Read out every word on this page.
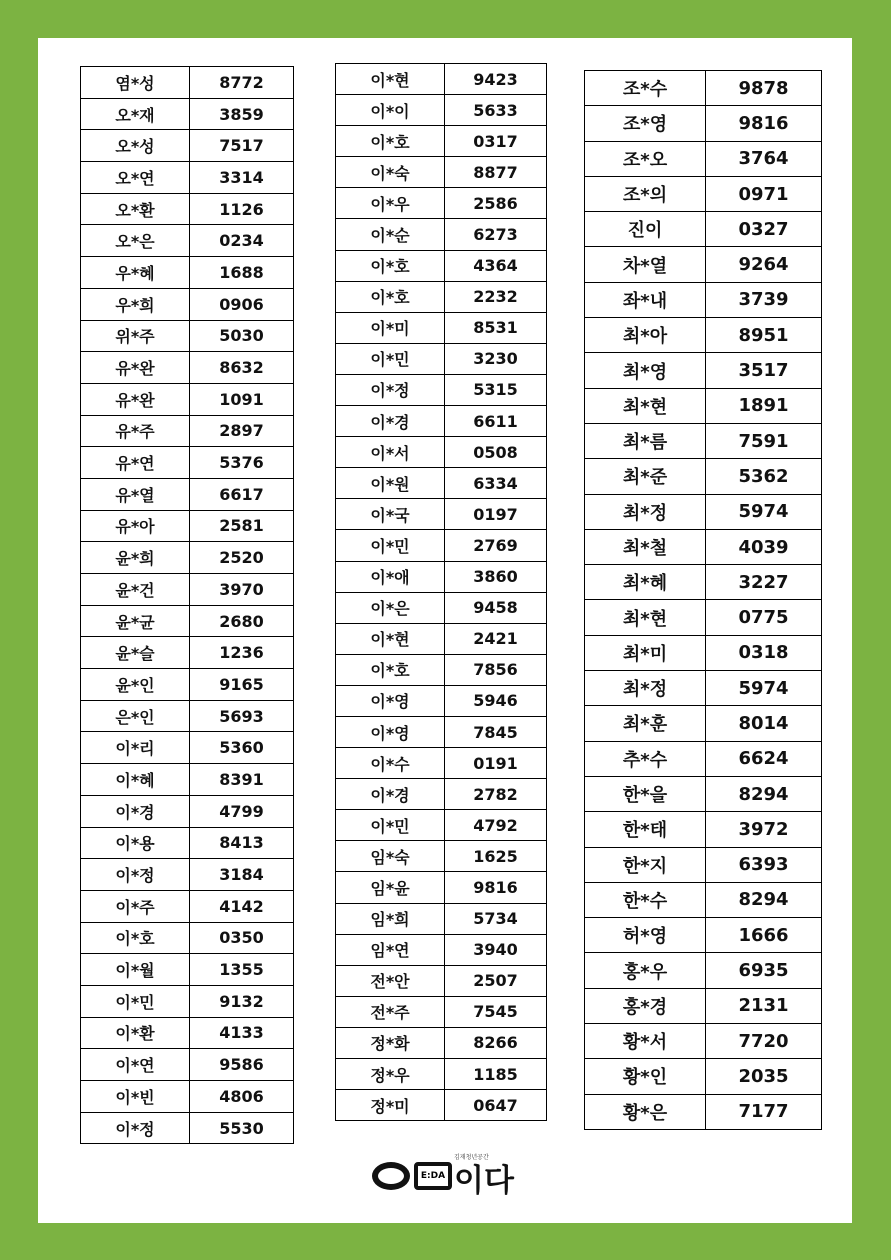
염*성	8772
오*재	3859
오*성	7517
오*연	3314
오*환	1126
오*은	0234
우*혜	1688
우*희	0906
위*주	5030
유*완	8632
유*완	1091
유*주	2897
유*연	5376
유*열	6617
유*아	2581
윤*희	2520
윤*건	3970
윤*균	2680
윤*슬	1236
윤*인	9165
은*인	5693
이*리	5360
이*혜	8391
이*경	4799
이*용	8413
이*정	3184
이*주	4142
이*호	0350
이*월	1355
이*민	9132
이*환	4133
이*연	9586
이*빈	4806
이*정	5530
이*현	9423
이*이	5633
이*호	0317
이*숙	8877
이*우	2586
이*순	6273
이*호	4364
이*호	2232
이*미	8531
이*민	3230
이*정	5315
이*경	6611
이*서	0508
이*원	6334
이*국	0197
이*민	2769
이*애	3860
이*은	9458
이*현	2421
이*호	7856
이*영	5946
이*영	7845
이*수	0191
이*경	2782
이*민	4792
임*숙	1625
임*윤	9816
임*희	5734
임*연	3940
전*안	2507
전*주	7545
정*화	8266
정*우	1185
정*미	0647
조*수	9878
조*영	9816
조*오	3764
조*의	0971
진이	0327
차*열	9264
좌*내	3739
최*아	8951
최*영	3517
최*현	1891
최*름	7591
최*준	5362
최*정	5974
최*철	4039
최*혜	3227
최*현	0775
최*미	0318
최*정	5974
최*훈	8014
추*수	6624
한*을	8294
한*태	3972
한*지	6393
한*수	8294
허*영	1666
홍*우	6935
홍*경	2131
황*서	7720
황*인	2035
황*은	7177
E:DA
김재청년공간
이다
